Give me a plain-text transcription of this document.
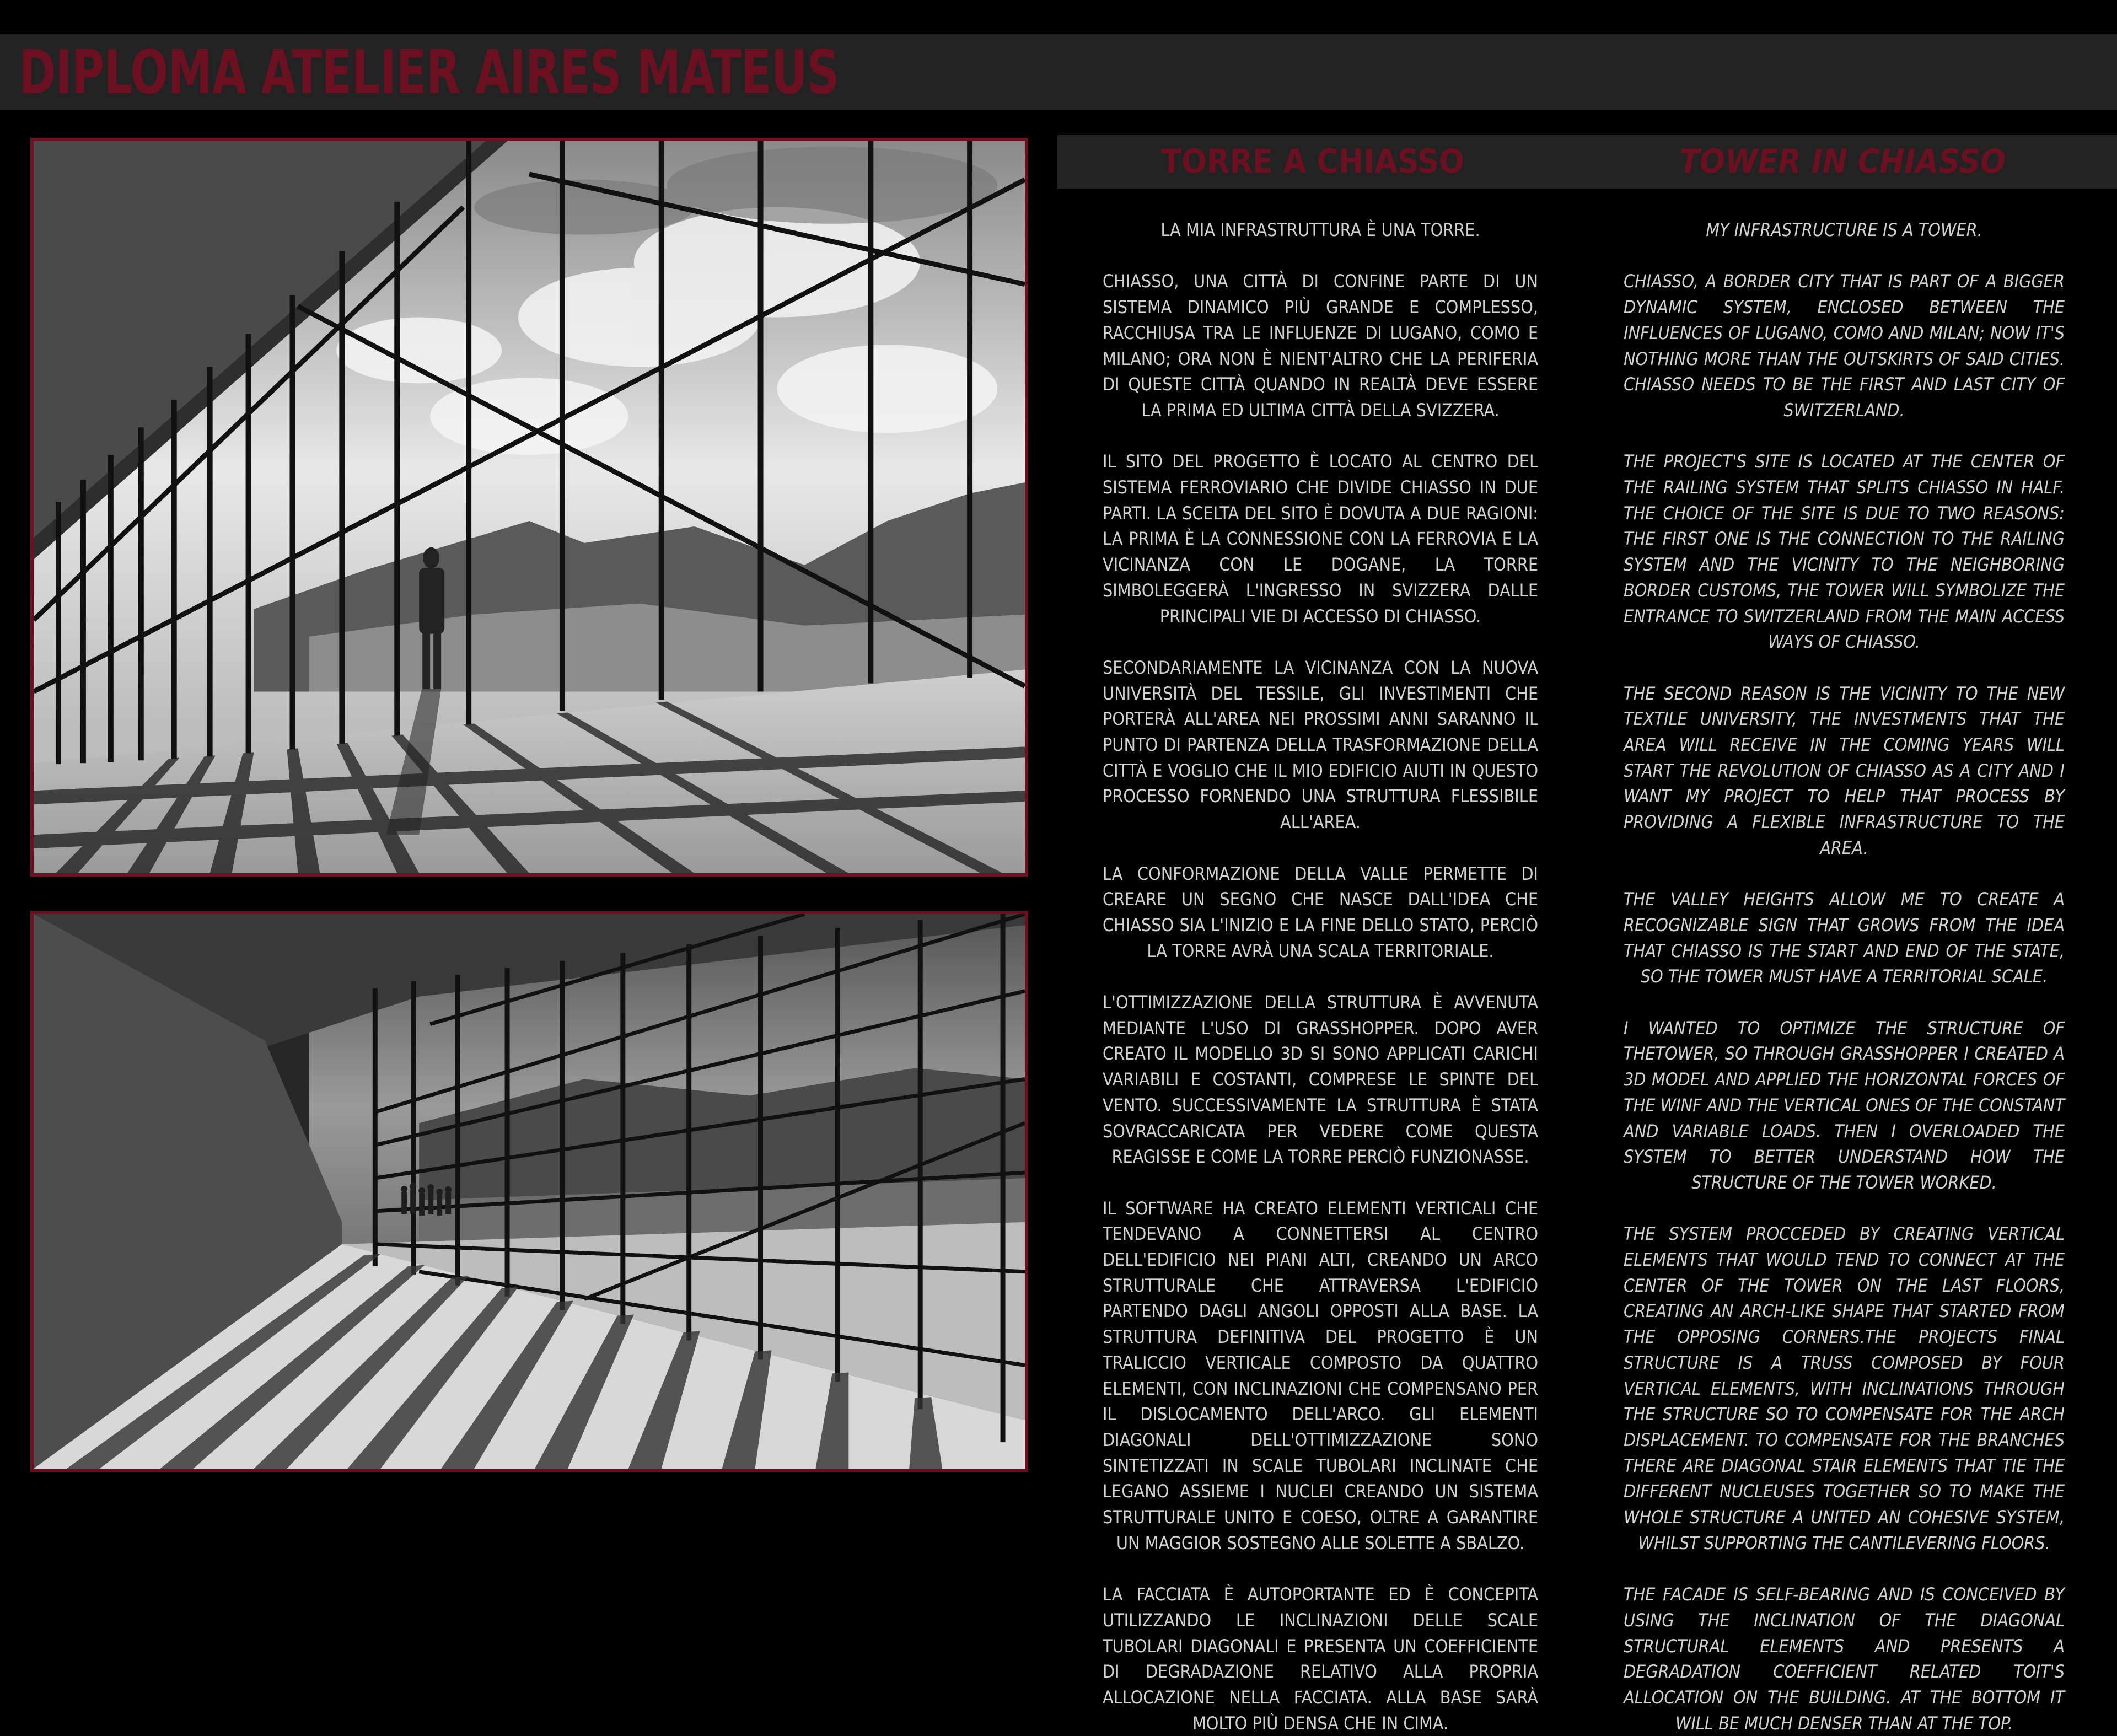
DIPLOMA ATELIER AIRES MATEUS
TORRE A CHIASSO	TOWER IN CHIASSO

LA MIA INFRASTRUTTURA È UNA TORRE.

CHIASSO, UNA CITTÀ DI CONFINE PARTE DI UN SISTEMA DINAMICO PIÙ GRANDE E COMPLESSO, RACCHIUSA TRA LE INFLUENZE DI LUGANO, COMO E MILANO; ORA NON È NIENT'ALTRO CHE LA PERIFERIA DI QUESTE CITTÀ QUANDO IN REALTÀ DEVE ESSERE LA PRIMA ED ULTIMA CITTÀ DELLA SVIZZERA.

IL SITO DEL PROGETTO È LOCATO AL CENTRO DEL SISTEMA FERROVIARIO CHE DIVIDE CHIASSO IN DUE PARTI. LA SCELTA DEL SITO È DOVUTA A DUE RAGIONI: LA PRIMA È LA CONNESSIONE CON LA FERROVIA E LA VICINANZA CON LE DOGANE, LA TORRE SIMBOLEGGERÀ L'INGRESSO IN SVIZZERA DALLE PRINCIPALI VIE DI ACCESSO DI CHIASSO.

SECONDARIAMENTE LA VICINANZA CON LA NUOVA UNIVERSITÀ DEL TESSILE, GLI INVESTIMENTI CHE PORTERÀ ALL'AREA NEI PROSSIMI ANNI SARANNO IL PUNTO DI PARTENZA DELLA TRASFORMAZIONE DELLA CITTÀ E VOGLIO CHE IL MIO EDIFICIO AIUTI IN QUESTO PROCESSO FORNENDO UNA STRUTTURA FLESSIBILE ALL'AREA.

LA CONFORMAZIONE DELLA VALLE PERMETTE DI CREARE UN SEGNO CHE NASCE DALL'IDEA CHE CHIASSO SIA L'INIZIO E LA FINE DELLO STATO, PERCIÒ LA TORRE AVRÀ UNA SCALA TERRITORIALE.

L'OTTIMIZZAZIONE DELLA STRUTTURA È AVVENUTA MEDIANTE L'USO DI GRASSHOPPER. DOPO AVER CREATO IL MODELLO 3D SI SONO APPLICATI CARICHI VARIABILI E COSTANTI, COMPRESE LE SPINTE DEL VENTO. SUCCESSIVAMENTE LA STRUTTURA È STATA SOVRACCARICATA PER VEDERE COME QUESTA REAGISSE E COME LA TORRE PERCIÒ FUNZIONASSE.

IL SOFTWARE HA CREATO ELEMENTI VERTICALI CHE TENDEVANO A CONNETTERSI AL CENTRO DELL'EDIFICIO NEI PIANI ALTI, CREANDO UN ARCO STRUTTURALE CHE ATTRAVERSA L'EDIFICIO PARTENDO DAGLI ANGOLI OPPOSTI ALLA BASE. LA STRUTTURA DEFINITIVA DEL PROGETTO È UN TRALICCIO VERTICALE COMPOSTO DA QUATTRO ELEMENTI, CON INCLINAZIONI CHE COMPENSANO PER IL DISLOCAMENTO DELL'ARCO. GLI ELEMENTI DIAGONALI DELL'OTTIMIZZAZIONE SONO SINTETIZZATI IN SCALE TUBOLARI INCLINATE CHE LEGANO ASSIEME I NUCLEI CREANDO UN SISTEMA STRUTTURALE UNITO E COESO, OLTRE A GARANTIRE UN MAGGIOR SOSTEGNO ALLE SOLETTE A SBALZO.

LA FACCIATA È AUTOPORTANTE ED È CONCEPITA UTILIZZANDO LE INCLINAZIONI DELLE SCALE TUBOLARI DIAGONALI E PRESENTA UN COEFFICIENTE DI DEGRADAZIONE RELATIVO ALLA PROPRIA ALLOCAZIONE NELLA FACCIATA. ALLA BASE SARÀ MOLTO PIÙ DENSA CHE IN CIMA.

MY INFRASTRUCTURE IS A TOWER.

CHIASSO, A BORDER CITY THAT IS PART OF A BIGGER DYNAMIC SYSTEM, ENCLOSED BETWEEN THE INFLUENCES OF LUGANO, COMO AND MILAN; NOW IT'S NOTHING MORE THAN THE OUTSKIRTS OF SAID CITIES. CHIASSO NEEDS TO BE THE FIRST AND LAST CITY OF SWITZERLAND.

THE PROJECT'S SITE IS LOCATED AT THE CENTER OF THE RAILING SYSTEM THAT SPLITS CHIASSO IN HALF. THE CHOICE OF THE SITE IS DUE TO TWO REASONS: THE FIRST ONE IS THE CONNECTION TO THE RAILING SYSTEM AND THE VICINITY TO THE NEIGHBORING BORDER CUSTOMS, THE TOWER WILL SYMBOLIZE THE ENTRANCE TO SWITZERLAND FROM THE MAIN ACCESS WAYS OF CHIASSO.

THE SECOND REASON IS THE VICINITY TO THE NEW TEXTILE UNIVERSITY, THE INVESTMENTS THAT THE AREA WILL RECEIVE IN THE COMING YEARS WILL START THE REVOLUTION OF CHIASSO AS A CITY AND I WANT MY PROJECT TO HELP THAT PROCESS BY PROVIDING A FLEXIBLE INFRASTRUCTURE TO THE AREA.

THE VALLEY HEIGHTS ALLOW ME TO CREATE A RECOGNIZABLE SIGN THAT GROWS FROM THE IDEA THAT CHIASSO IS THE START AND END OF THE STATE, SO THE TOWER MUST HAVE A TERRITORIAL SCALE.

I WANTED TO OPTIMIZE THE STRUCTURE OF THETOWER, SO THROUGH GRASSHOPPER I CREATED A 3D MODEL AND APPLIED THE HORIZONTAL FORCES OF THE WINF AND THE VERTICAL ONES OF THE CONSTANT AND VARIABLE LOADS. THEN I OVERLOADED THE SYSTEM TO BETTER UNDERSTAND HOW THE STRUCTURE OF THE TOWER WORKED.

THE SYSTEM PROCCEDED BY CREATING VERTICAL ELEMENTS THAT WOULD TEND TO CONNECT AT THE CENTER OF THE TOWER ON THE LAST FLOORS, CREATING AN ARCH-LIKE SHAPE THAT STARTED FROM THE OPPOSING CORNERS.THE PROJECTS FINAL STRUCTURE IS A TRUSS COMPOSED BY FOUR VERTICAL ELEMENTS, WITH INCLINATIONS THROUGH THE STRUCTURE SO TO COMPENSATE FOR THE ARCH DISPLACEMENT. TO COMPENSATE FOR THE BRANCHES THERE ARE DIAGONAL STAIR ELEMENTS THAT TIE THE DIFFERENT NUCLEUSES TOGETHER SO TO MAKE THE WHOLE STRUCTURE A UNITED AN COHESIVE SYSTEM, WHILST SUPPORTING THE CANTILEVERING FLOORS.

THE FACADE IS SELF-BEARING AND IS CONCEIVED BY USING THE INCLINATION OF THE DIAGONAL STRUCTURAL ELEMENTS AND PRESENTS A DEGRADATION COEFFICIENT RELATED TOIT'S ALLOCATION ON THE BUILDING. AT THE BOTTOM IT WILL BE MUCH DENSER THAN AT THE TOP.
